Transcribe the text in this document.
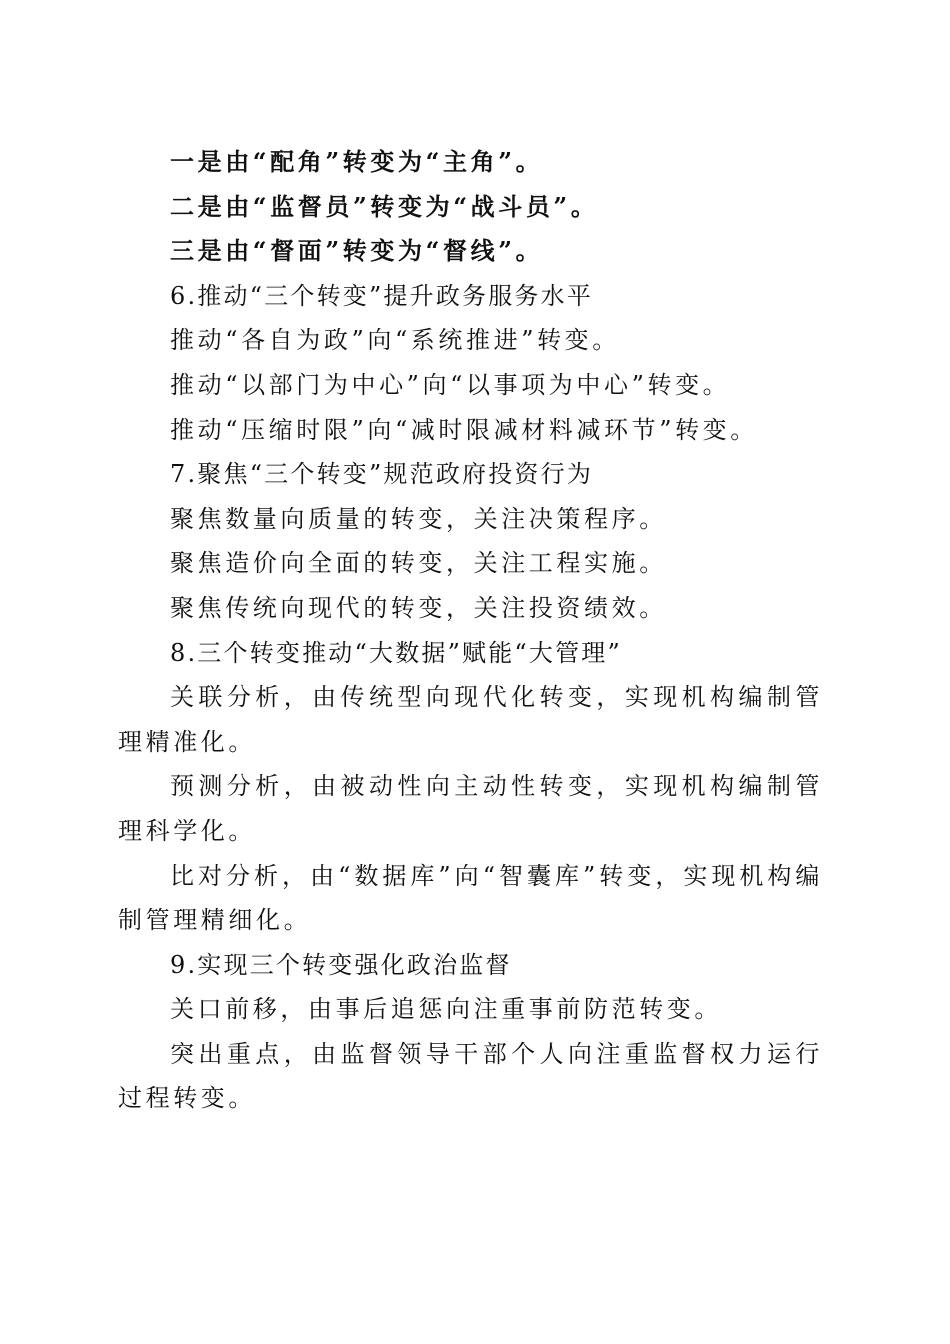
一是由“配角”转变为“主角”。

二是由“监督员”转变为“战斗员”。

三是由“督面”转变为“督线”。

6.推动“三个转变”提升政务服务水平

推动“各自为政”向“系统推进”转变。

推动“以部门为中心”向“以事项为中心”转变。

推动“压缩时限”向“减时限减材料减环节”转变。

7.聚焦“三个转变”规范政府投资行为

聚焦数量向质量的转变，关注决策程序。

聚焦造价向全面的转变，关注工程实施。

聚焦传统向现代的转变，关注投资绩效。

8.三个转变推动“大数据”赋能“大管理”

关联分析，由传统型向现代化转变，实现机构编制管理精准化。

预测分析，由被动性向主动性转变，实现机构编制管理科学化。

比对分析，由“数据库”向“智囊库”转变，实现机构编制管理精细化。

9.实现三个转变强化政治监督

关口前移，由事后追惩向注重事前防范转变。

突出重点，由监督领导干部个人向注重监督权力运行过程转变。
